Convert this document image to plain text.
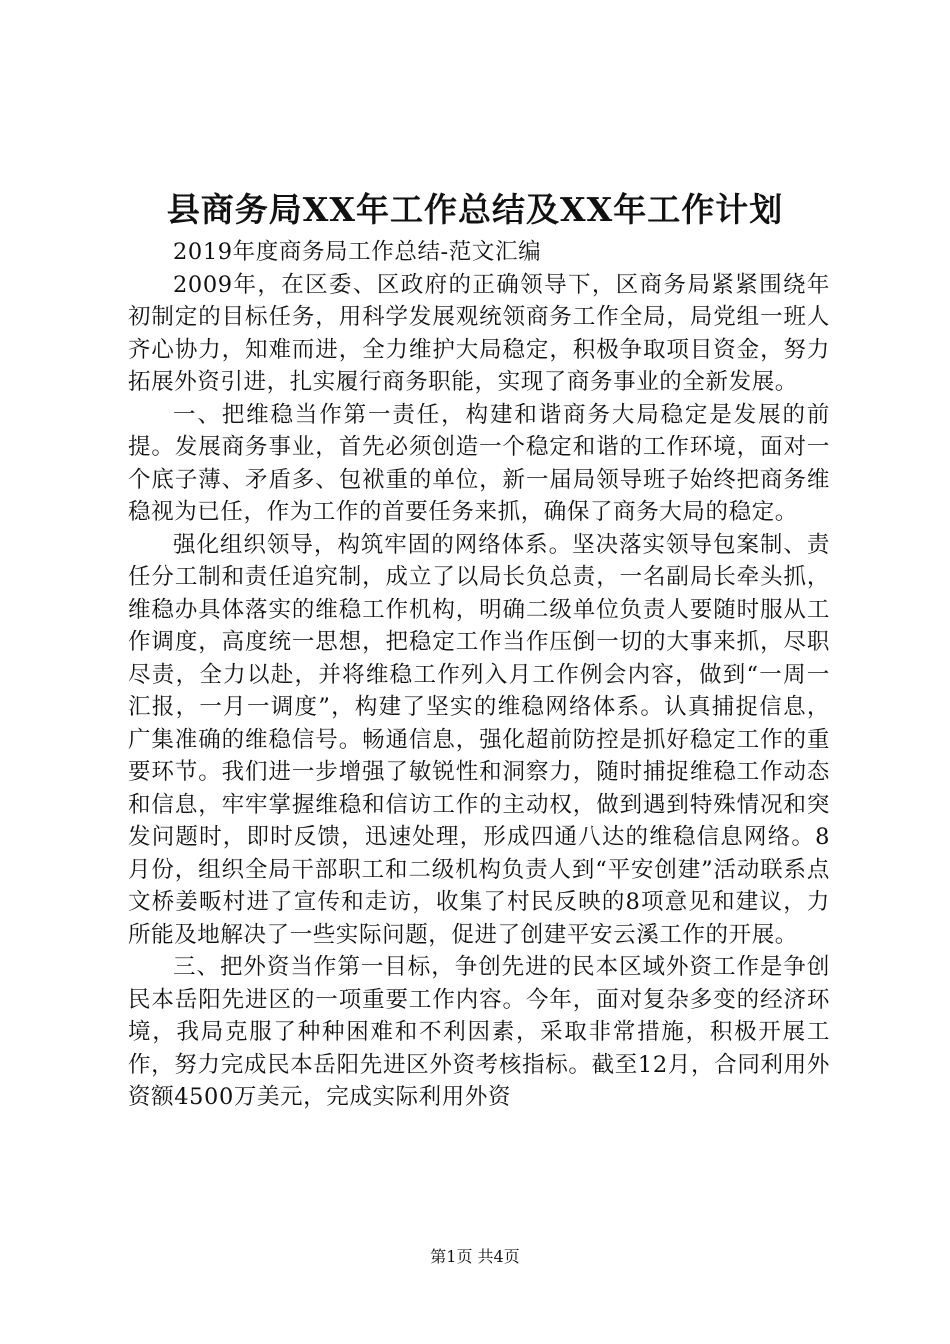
县商务局XX年工作总结及XX年工作计划

2019年度商务局工作总结-范文汇编

2009年，在区委、区政府的正确领导下，区商务局紧紧围绕年初制定的目标任务，用科学发展观统领商务工作全局，局党组一班人齐心协力，知难而进，全力维护大局稳定，积极争取项目资金，努力拓展外资引进，扎实履行商务职能，实现了商务事业的全新发展。

一、把维稳当作第一责任，构建和谐商务大局稳定是发展的前提。发展商务事业，首先必须创造一个稳定和谐的工作环境，面对一个底子薄、矛盾多、包袱重的单位，新一届局领导班子始终把商务维稳视为已任，作为工作的首要任务来抓，确保了商务大局的稳定。

强化组织领导，构筑牢固的网络体系。坚决落实领导包案制、责任分工制和责任追究制，成立了以局长负总责，一名副局长牵头抓，维稳办具体落实的维稳工作机构，明确二级单位负责人要随时服从工作调度，高度统一思想，把稳定工作当作压倒一切的大事来抓，尽职尽责，全力以赴，并将维稳工作列入月工作例会内容，做到“一周一汇报，一月一调度”，构建了坚实的维稳网络体系。认真捕捉信息，广集准确的维稳信号。畅通信息，强化超前防控是抓好稳定工作的重要环节。我们进一步增强了敏锐性和洞察力，随时捕捉维稳工作动态和信息，牢牢掌握维稳和信访工作的主动权，做到遇到特殊情况和突发问题时，即时反馈，迅速处理，形成四通八达的维稳信息网络。8月份，组织全局干部职工和二级机构负责人到“平安创建”活动联系点文桥姜畈村进了宣传和走访，收集了村民反映的8项意见和建议，力所能及地解决了一些实际问题，促进了创建平安云溪工作的开展。

三、把外资当作第一目标，争创先进的民本区域外资工作是争创民本岳阳先进区的一项重要工作内容。今年，面对复杂多变的经济环境，我局克服了种种困难和不利因素，采取非常措施，积极开展工作，努力完成民本岳阳先进区外资考核指标。截至12月，合同利用外资额4500万美元，完成实际利用外资

第1页 共4页
